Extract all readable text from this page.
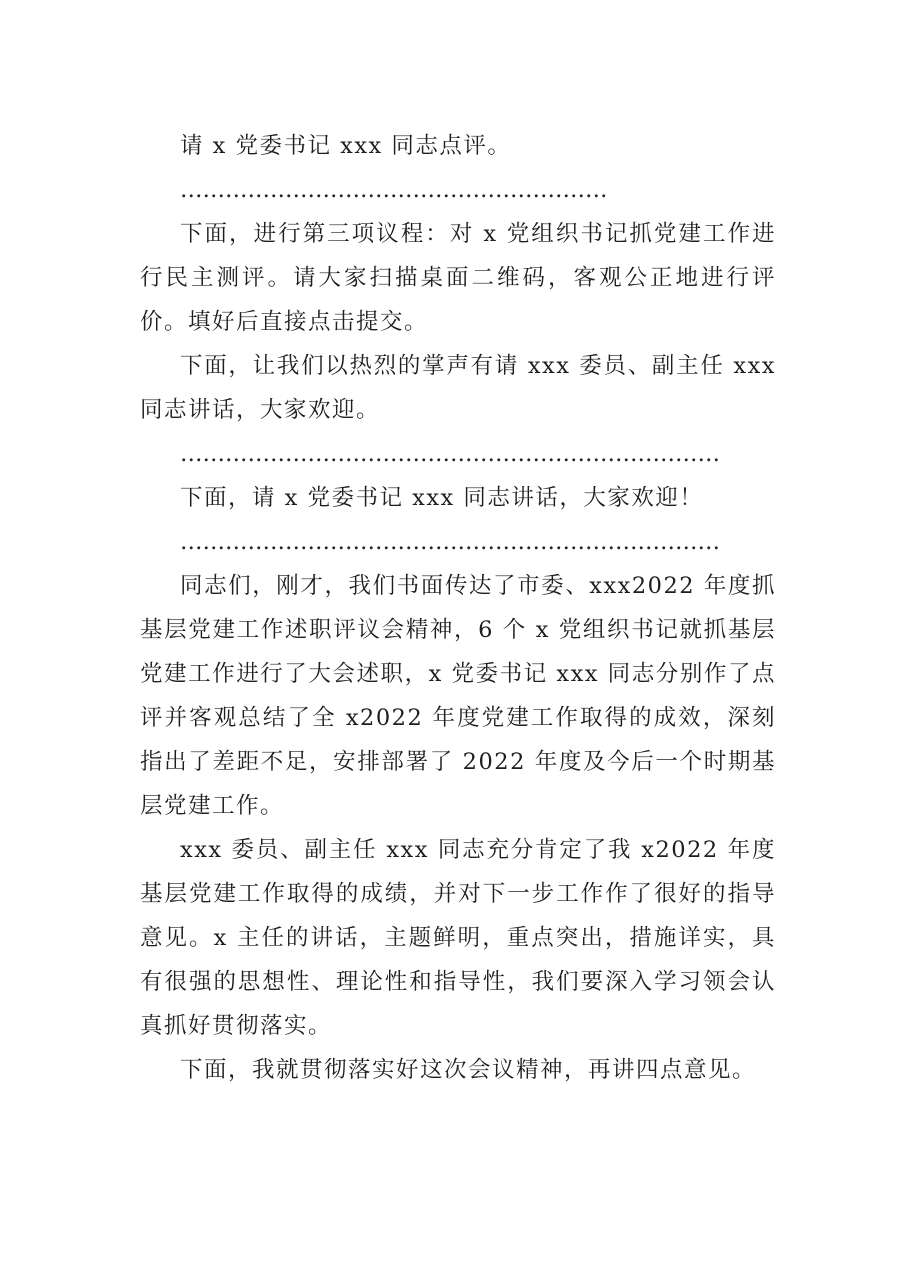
请 x 党委书记 xxx 同志点评。

…………………………………………………

下面，进行第三项议程：对 x 党组织书记抓党建工作进行民主测评。请大家扫描桌面二维码，客观公正地进行评价。填好后直接点击提交。

下面，让我们以热烈的掌声有请 xxx 委员、副主任 xxx 同志讲话，大家欢迎。

………………………………………………………………

下面，请 x 党委书记 xxx 同志讲话，大家欢迎！

………………………………………………………………

同志们，刚才，我们书面传达了市委、xxx2022 年度抓基层党建工作述职评议会精神，6 个 x 党组织书记就抓基层党建工作进行了大会述职，x 党委书记 xxx 同志分别作了点评并客观总结了全 x2022 年度党建工作取得的成效，深刻指出了差距不足，安排部署了 2022 年度及今后一个时期基层党建工作。

xxx 委员、副主任 xxx 同志充分肯定了我 x2022 年度基层党建工作取得的成绩，并对下一步工作作了很好的指导意见。x 主任的讲话，主题鲜明，重点突出，措施详实，具有很强的思想性、理论性和指导性，我们要深入学习领会认真抓好贯彻落实。

下面，我就贯彻落实好这次会议精神，再讲四点意见。
